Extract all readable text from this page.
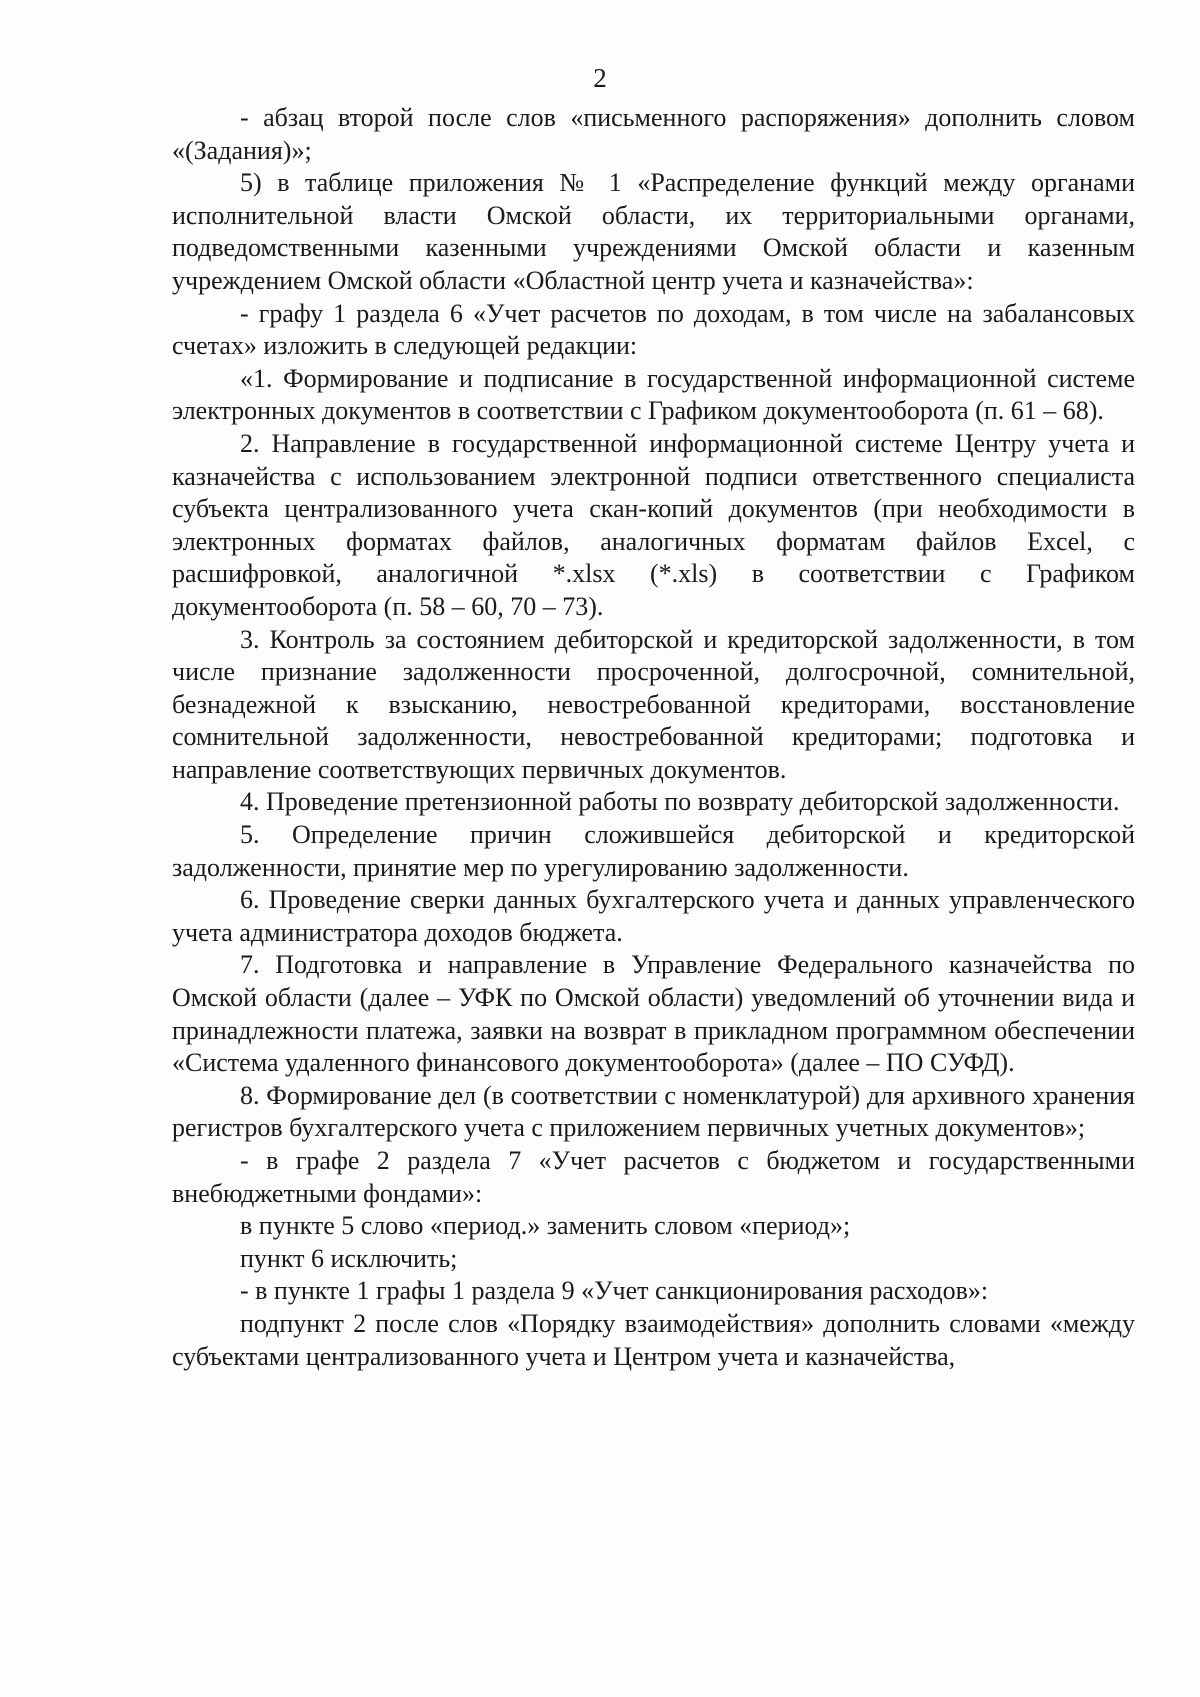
2

- абзац второй после слов «письменного распоряжения» дополнить словом «(Задания)»;

5) в таблице приложения № 1 «Распределение функций между органами исполнительной власти Омской области, их территориальными органами, подведомственными казенными учреждениями Омской области и казенным учреждением Омской области «Областной центр учета и казначейства»:

- графу 1 раздела 6 «Учет расчетов по доходам, в том числе на забалансовых счетах» изложить в следующей редакции:

«1. Формирование и подписание в государственной информационной системе электронных документов в соответствии с Графиком документооборота (п. 61 – 68).

2. Направление в государственной информационной системе Центру учета и казначейства с использованием электронной подписи ответственного специалиста субъекта централизованного учета скан-копий документов (при необходимости в электронных форматах файлов, аналогичных форматам файлов Excel, с расшифровкой, аналогичной *.xlsx (*.xls) в соответствии с Графиком документооборота (п. 58 – 60, 70 – 73).

3. Контроль за состоянием дебиторской и кредиторской задолженности, в том числе признание задолженности просроченной, долгосрочной, сомнительной, безнадежной к взысканию, невостребованной кредиторами, восстановление сомнительной задолженности, невостребованной кредиторами; подготовка и направление соответствующих первичных документов.

4. Проведение претензионной работы по возврату дебиторской задолженности.

5. Определение причин сложившейся дебиторской и кредиторской задолженности, принятие мер по урегулированию задолженности.

6. Проведение сверки данных бухгалтерского учета и данных управленческого учета администратора доходов бюджета.

7. Подготовка и направление в Управление Федерального казначейства по Омской области (далее – УФК по Омской области) уведомлений об уточнении вида и принадлежности платежа, заявки на возврат в прикладном программном обеспечении «Система удаленного финансового документооборота» (далее – ПО СУФД).

8. Формирование дел (в соответствии с номенклатурой) для архивного хранения регистров бухгалтерского учета с приложением первичных учетных документов»;

- в графе 2 раздела 7 «Учет расчетов с бюджетом и государственными внебюджетными фондами»:

в пункте 5 слово «период.» заменить словом «период»;

пункт 6 исключить;

- в пункте 1 графы 1 раздела 9 «Учет санкционирования расходов»:

подпункт 2 после слов «Порядку взаимодействия» дополнить словами «между субъектами централизованного учета и Центром учета и казначейства,
